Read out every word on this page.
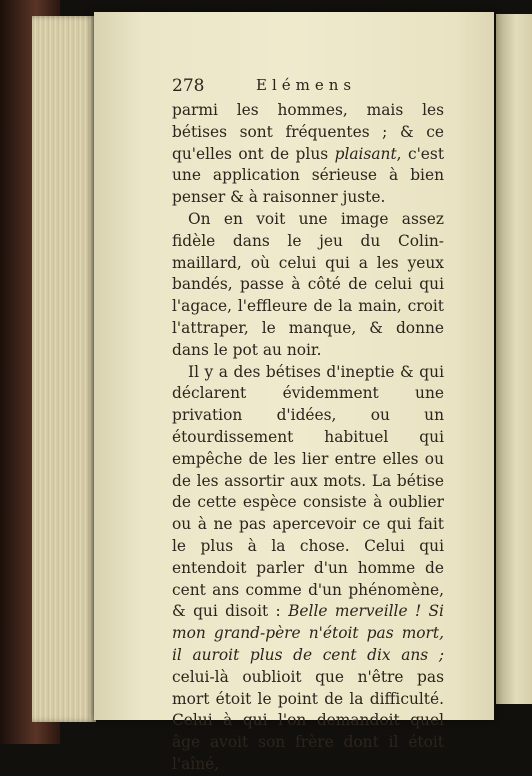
278	Elémens

parmi les hommes, mais les bétises sont fréquentes ; & ce qu'elles ont de plus plaisant, c'est une application sérieuse à bien penser & à raisonner juste.

On en voit une image assez fidèle dans le jeu du Colin-maillard, où celui qui a les yeux bandés, passe à côté de celui qui l'agace, l'effleure de la main, croit l'attraper, le manque, & donne dans le pot au noir.

Il y a des bétises d'ineptie & qui déclarent évidemment une privation d'idées, ou un étourdissement habituel qui empêche de les lier entre elles ou de les assortir aux mots. La bétise de cette espèce consiste à oublier ou à ne pas apercevoir ce qui fait le plus à la chose. Celui qui entendoit parler d'un homme de cent ans comme d'un phénomène, & qui disoit : Belle merveille ! Si mon grand-père n'étoit pas mort, il auroit plus de cent dix ans ; celui-là oublioit que n'être pas mort étoit le point de la difficulté. Celui à qui l'on demandoit quel âge avoit son frère dont il étoit l'aîné,
